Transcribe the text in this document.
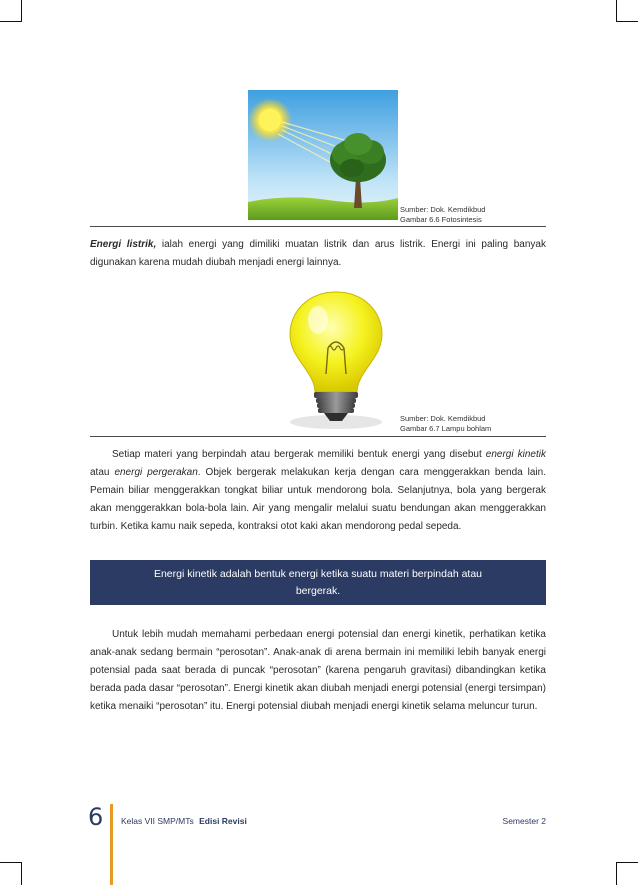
Sumber: Dok. Kemdikbud
Gambar 6.6 Fotosintesis
Energi listrik, ialah energi yang dimiliki muatan listrik dan arus listrik. Energi ini paling banyak digunakan karena mudah diubah menjadi energi lainnya.
Sumber: Dok. Kemdikbud
Gambar 6.7 Lampu bohlam
Setiap materi yang berpindah atau bergerak memiliki bentuk energi yang disebut energi kinetik atau energi pergerakan. Objek bergerak melakukan kerja dengan cara menggerakkan benda lain. Pemain biliar menggerakkan tongkat biliar untuk mendorong bola. Selanjutnya, bola yang bergerak akan menggerakkan bola-bola lain. Air yang mengalir melalui suatu bendungan akan menggerakkan turbin. Ketika kamu naik sepeda, kontraksi otot kaki akan mendorong pedal sepeda.
Energi kinetik adalah bentuk energi ketika suatu materi berpindah atau bergerak.
Untuk lebih mudah memahami perbedaan energi potensial dan energi kinetik, perhatikan ketika anak-anak sedang bermain “perosotan”. Anak-anak di arena bermain ini memiliki lebih banyak energi potensial pada saat berada di puncak “perosotan” (karena pengaruh gravitasi) dibandingkan ketika berada pada dasar “perosotan”. Energi kinetik akan diubah menjadi energi potensial (energi tersimpan) ketika menaiki “perosotan” itu. Energi potensial diubah menjadi energi kinetik selama meluncur turun.
6 Kelas VII SMP/MTs Edisi Revisi	Semester 2
